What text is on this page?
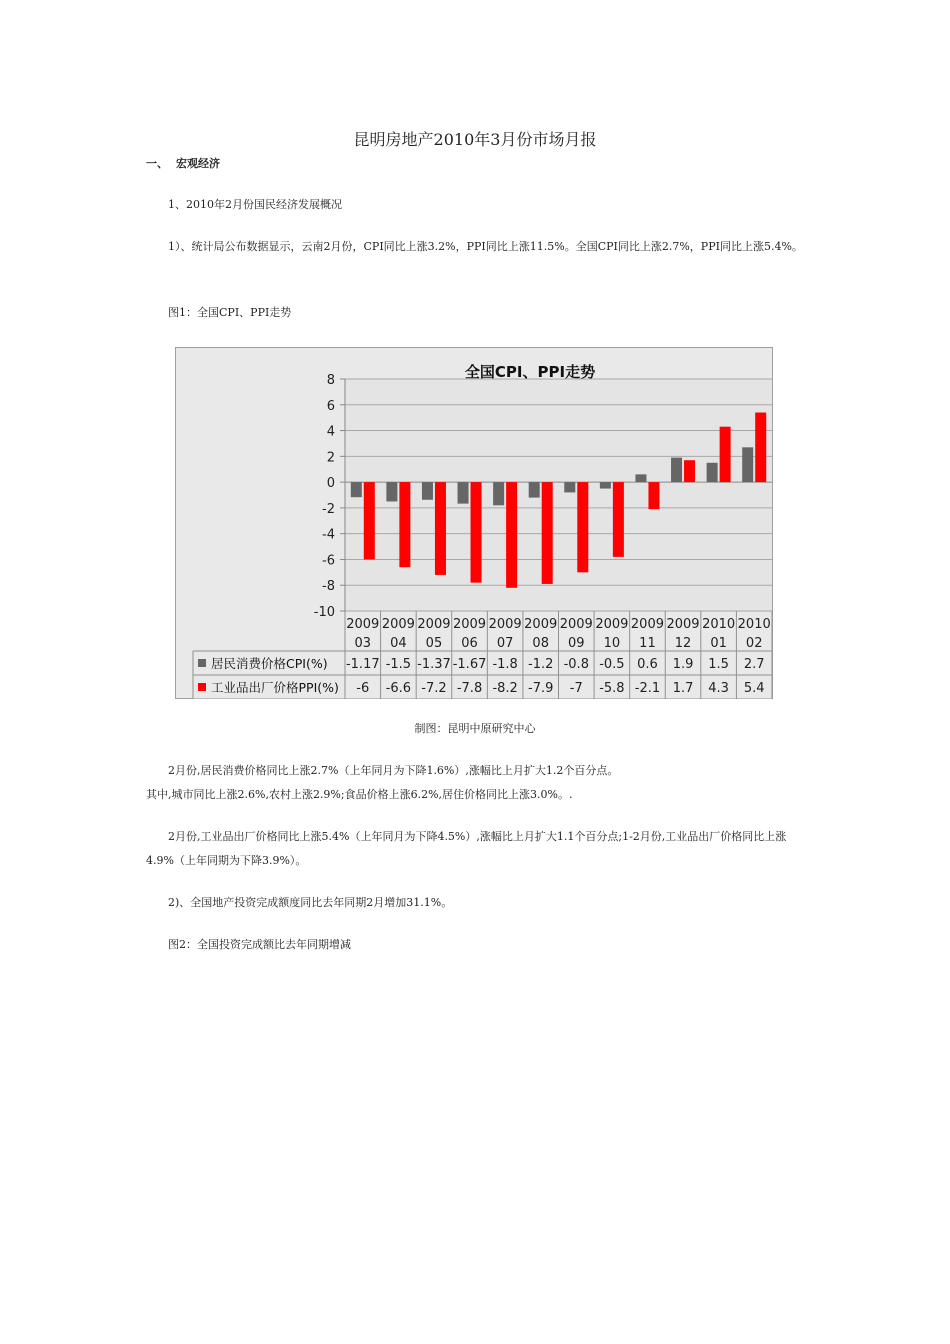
昆明房地产2010年3月份市场月报
一、 宏观经济

1、2010年2月份国民经济发展概况

1）、统计局公布数据显示，云南2月份，CPI同比上涨3.2%，PPI同比上涨11.5%。全国CPI同比上涨2.7%，PPI同比上涨5.4%。

图1：全国CPI、PPI走势

全国CPI、PPI走势
8
6
4
2
0
-2
-4
-6
-8
-10
2009
03
2009
04
2009
05
2009
06
2009
07
2009
08
2009
09
2009
10
2009
11
2009
12
2010
01
2010
02
居民消费价格CPI(%) -1.17 -1.5 -1.37 -1.67 -1.8 -1.2 -0.8 -0.5 0.6 1.9 1.5 2.7
工业品出厂价格PPI(%) -6 -6.6 -7.2 -7.8 -8.2 -7.9 -7 -5.8 -2.1 1.7 4.3 5.4
制图：昆明中原研究中心

2月份,居民消费价格同比上涨2.7%（上年同月为下降1.6%）,涨幅比上月扩大1.2个百分点。

其中,城市同比上涨2.6%,农村上涨2.9%;食品价格上涨6.2%,居住价格同比上涨3.0%。.

2月份,工业品出厂价格同比上涨5.4%（上年同月为下降4.5%）,涨幅比上月扩大1.1个百分点;1-2月份,工业品出厂价格同比上涨4.9%（上年同期为下降3.9%）。

2)、全国地产投资完成额度同比去年同期2月增加31.1%。

图2：全国投资完成额比去年同期增减
